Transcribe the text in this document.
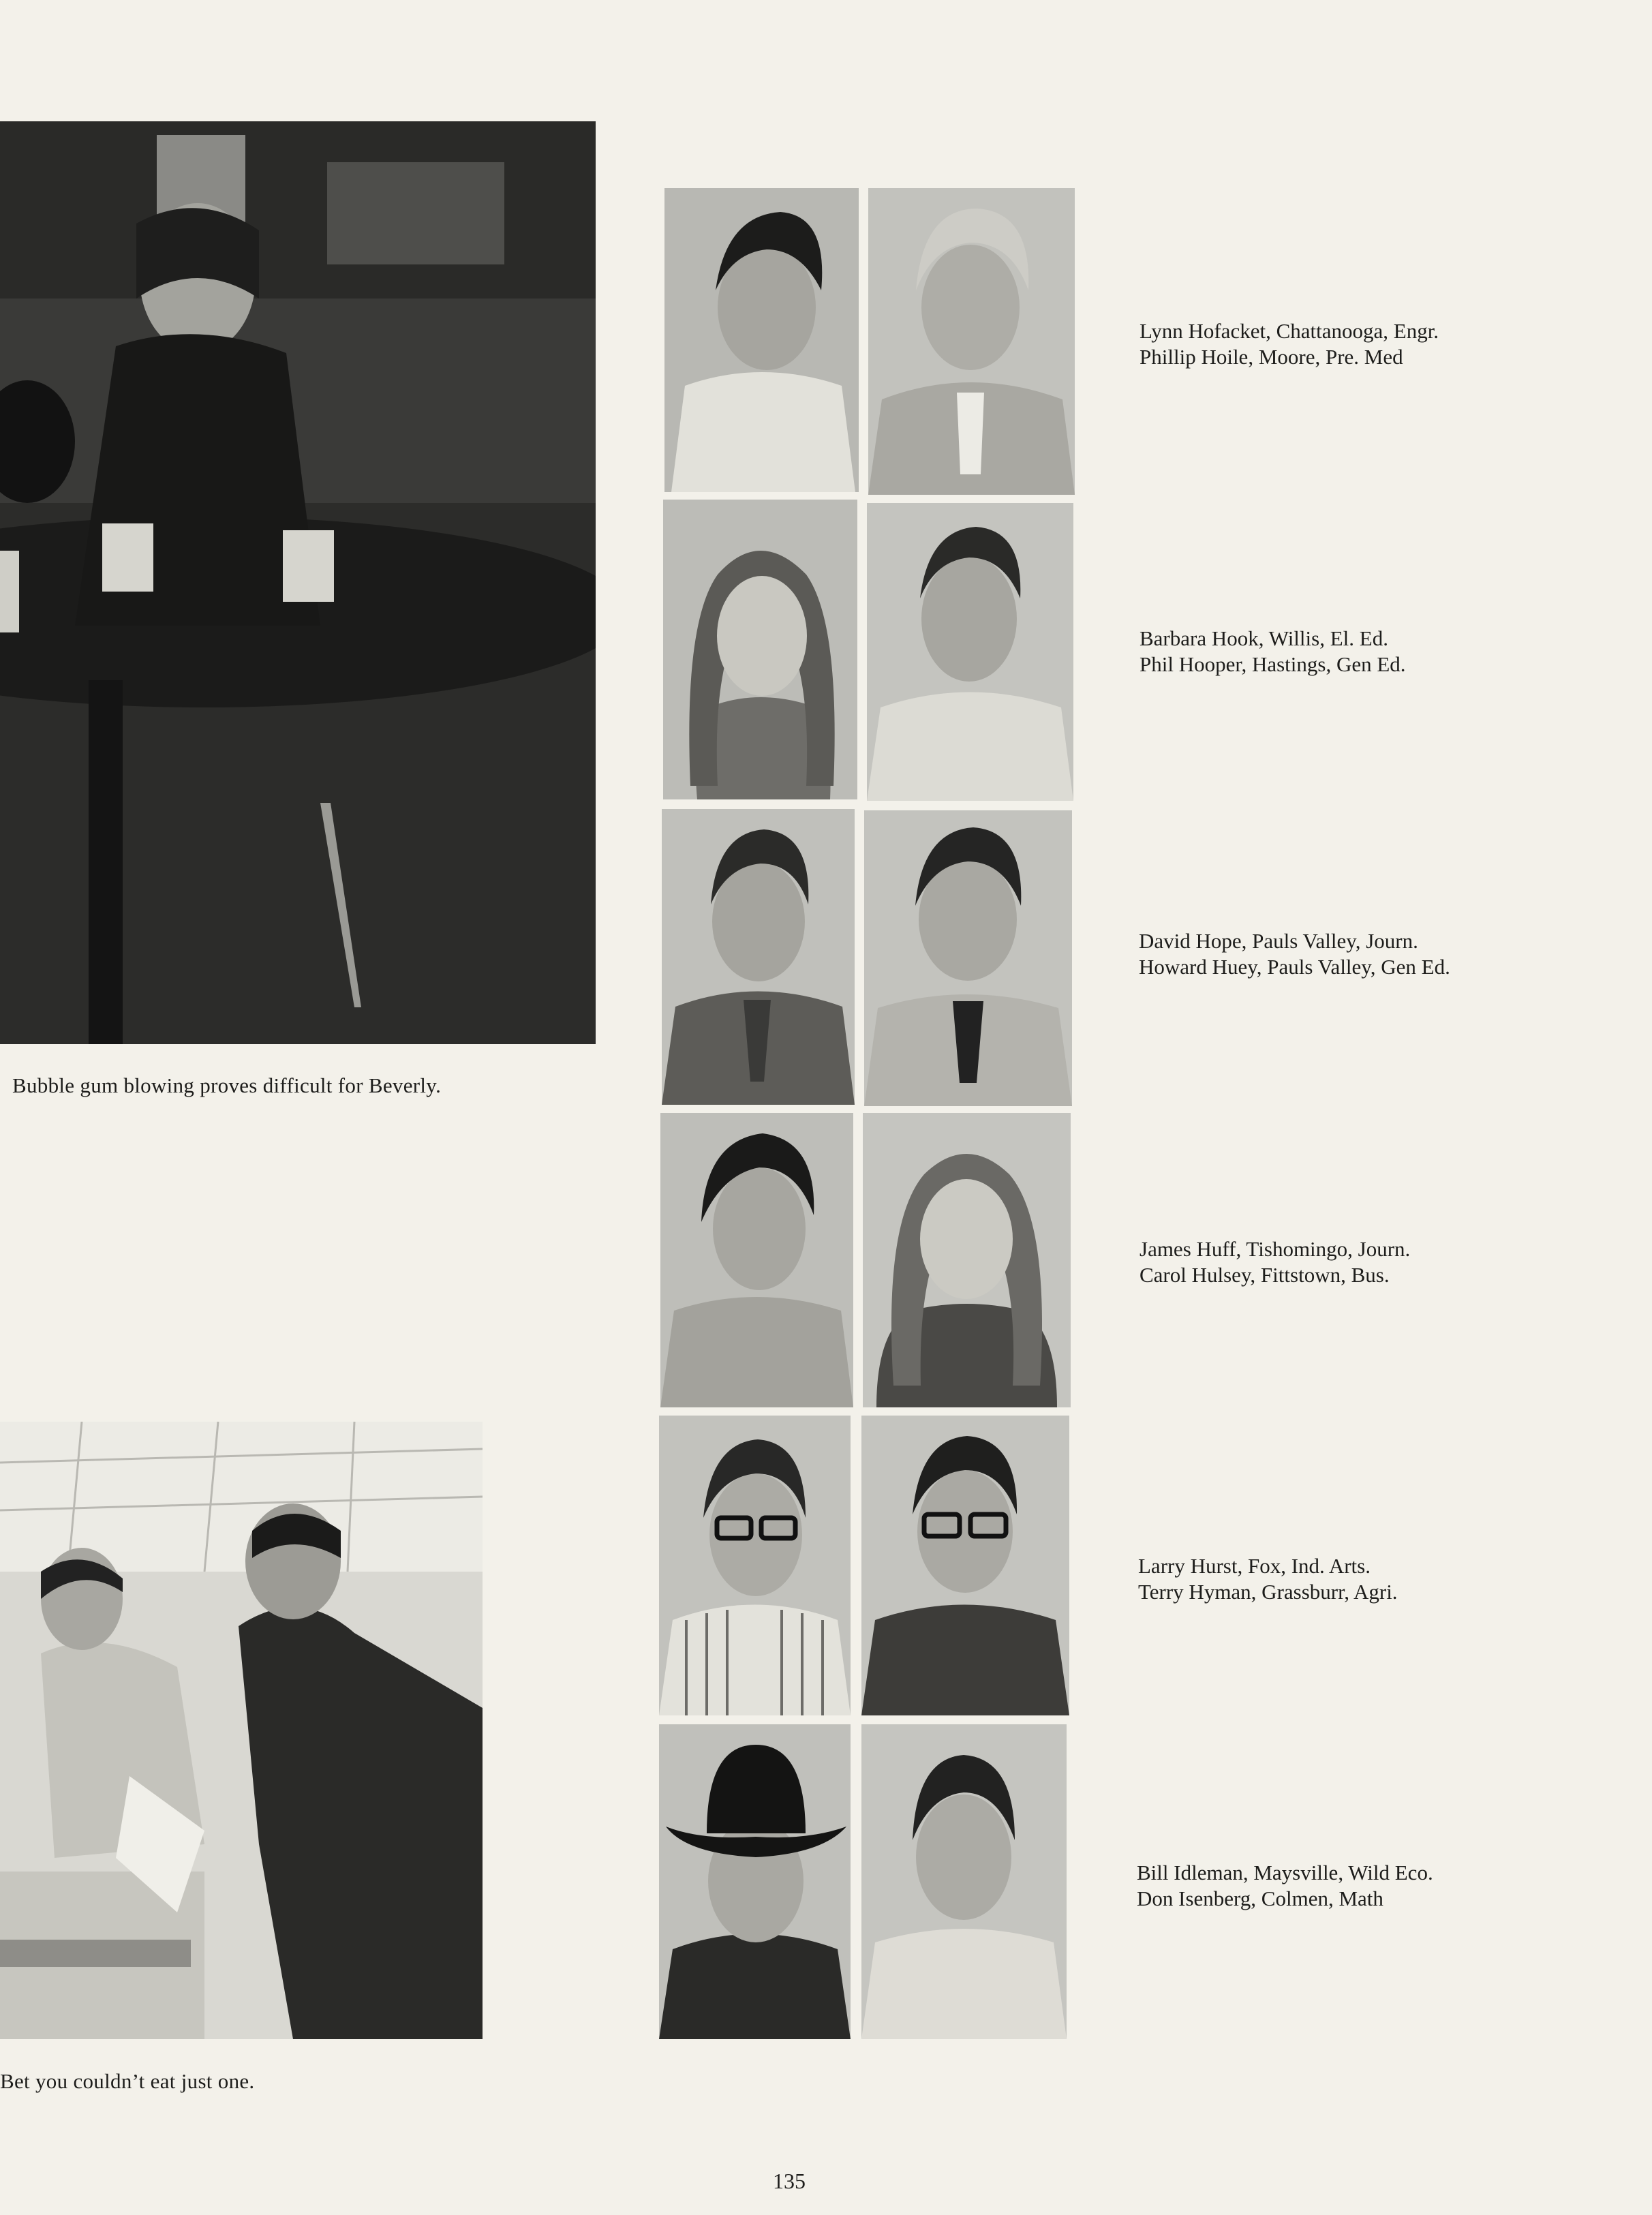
Bubble gum blowing proves difficult for Beverly.
Bet you couldn’t eat just one.
Lynn Hofacket, Chattanooga, Engr.
Phillip Hoile, Moore, Pre. Med
Barbara Hook, Willis, El. Ed.
Phil Hooper, Hastings, Gen Ed.
David Hope, Pauls Valley, Journ.
Howard Huey, Pauls Valley, Gen Ed.
James Huff, Tishomingo, Journ.
Carol Hulsey, Fittstown, Bus.
Larry Hurst, Fox, Ind. Arts.
Terry Hyman, Grassburr, Agri.
Bill Idleman, Maysville, Wild Eco.
Don Isenberg, Colmen, Math
135
